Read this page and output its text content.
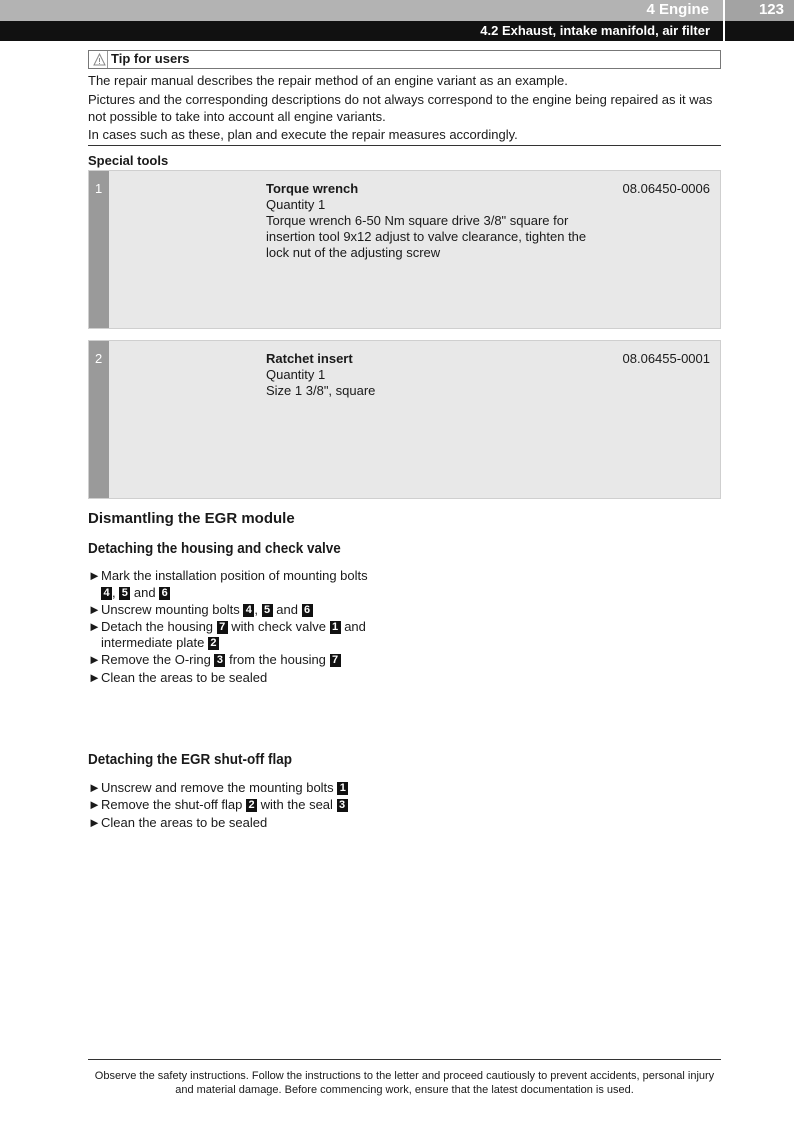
4 Engine	123
4.2 Exhaust, intake manifold, air filter
Tip for users
The repair manual describes the repair method of an engine variant as an example.
Pictures and the corresponding descriptions do not always correspond to the engine being repaired as it was not possible to take into account all engine variants.
In cases such as these, plan and execute the repair measures accordingly.
Special tools
1	Torque wrench	08.06450-0006
Quantity 1
Torque wrench 6-50 Nm square drive 3/8" square for insertion tool 9x12 adjust to valve clearance, tighten the lock nut of the adjusting screw
2	Ratchet insert	08.06455-0001
Quantity 1
Size 1 3/8", square
Dismantling the EGR module
Detaching the housing and check valve
►Mark the installation position of mounting bolts
4 , 5 and 6
►Unscrew mounting bolts 4 , 5 and 6
►Detach the housing 7 with check valve 1 and
intermediate plate 2
►Remove the O-ring 3 from the housing 7
►Clean the areas to be sealed
Detaching the EGR shut-off flap
►Unscrew and remove the mounting bolts 1
►Remove the shut-off flap 2 with the seal 3
►Clean the areas to be sealed
Observe the safety instructions. Follow the instructions to the letter and proceed cautiously to prevent accidents, personal injury and material damage. Before commencing work, ensure that the latest documentation is used.
